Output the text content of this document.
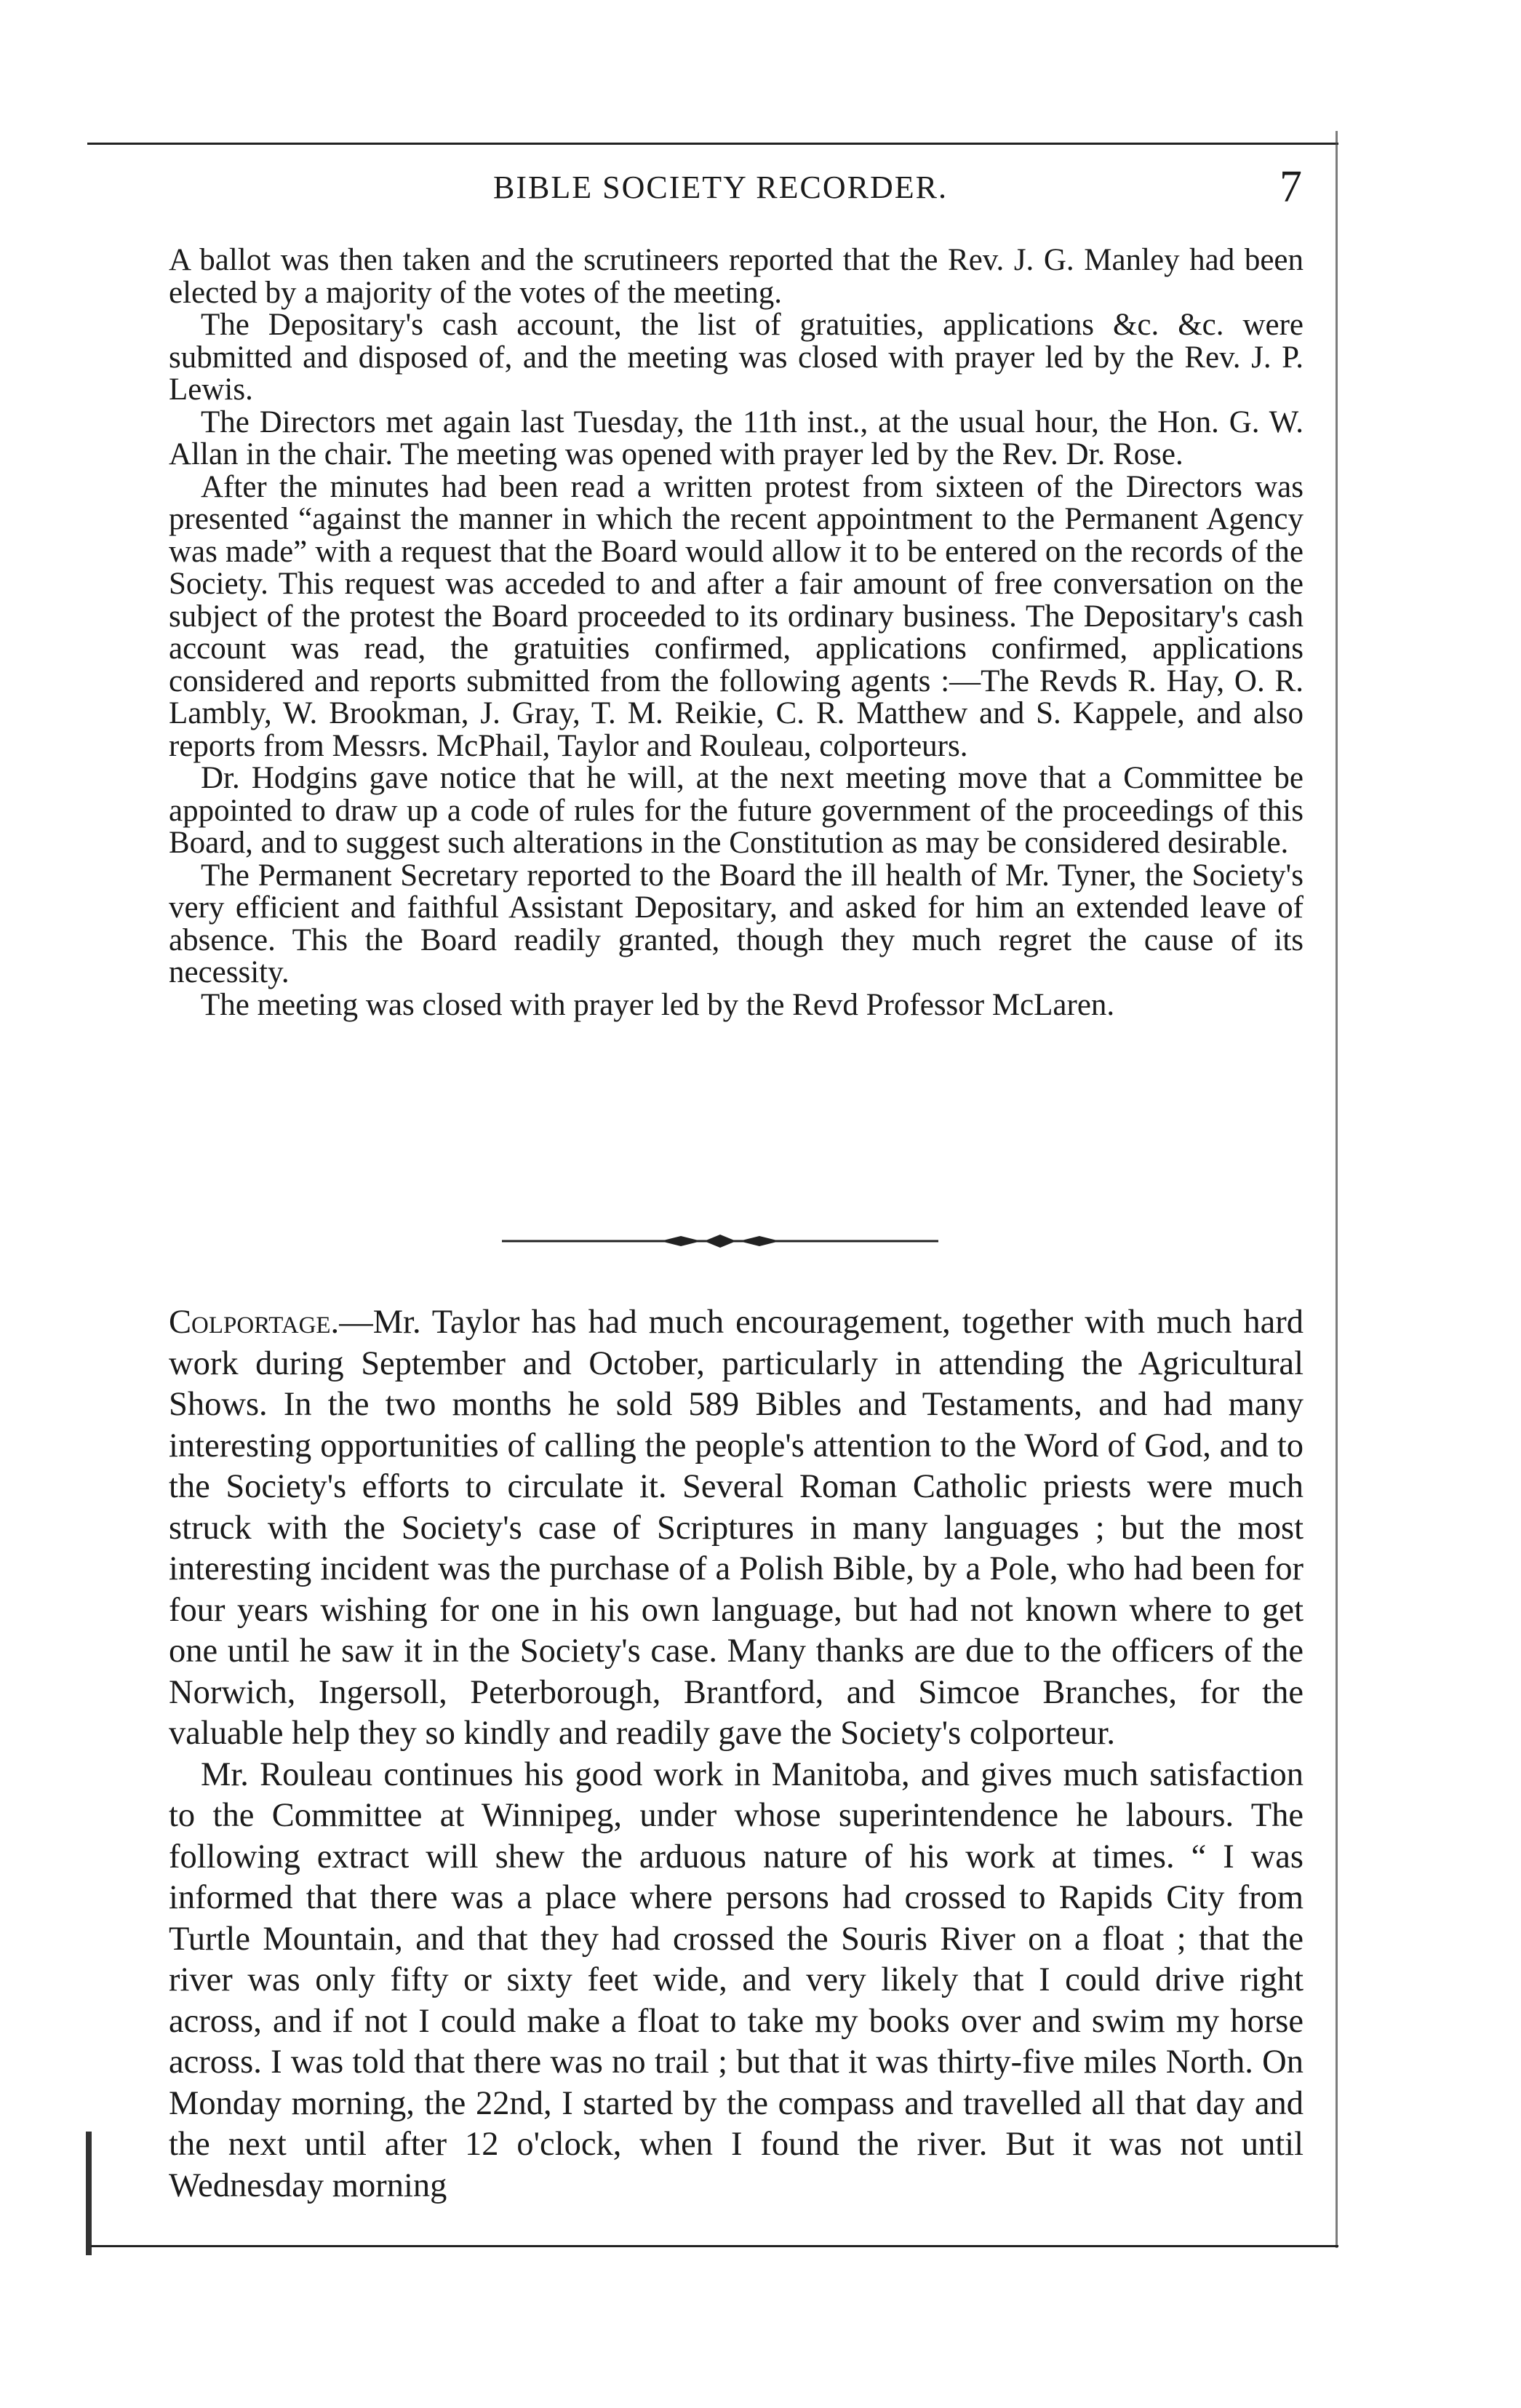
BIBLE SOCIETY RECORDER.	7

A ballot was then taken and the scrutineers reported that the Rev. J. G. Manley had been elected by a majority of the votes of the meeting.

The Depositary's cash account, the list of gratuities, applications &c. &c. were submitted and disposed of, and the meeting was closed with prayer led by the Rev. J. P. Lewis.

The Directors met again last Tuesday, the 11th inst., at the usual hour, the Hon. G. W. Allan in the chair. The meeting was opened with prayer led by the Rev. Dr. Rose.

After the minutes had been read a written protest from sixteen of the Directors was presented “against the manner in which the recent appointment to the Permanent Agency was made” with a request that the Board would allow it to be entered on the records of the Society. This request was acceded to and after a fair amount of free conversation on the subject of the protest the Board proceeded to its ordinary business. The Depositary's cash account was read, the gratuities confirmed, applications confirmed, applications considered and reports submitted from the following agents :—The Revds R. Hay, O. R. Lambly, W. Brookman, J. Gray, T. M. Reikie, C. R. Matthew and S. Kappele, and also reports from Messrs. McPhail, Taylor and Rouleau, colporteurs.

Dr. Hodgins gave notice that he will, at the next meeting move that a Committee be appointed to draw up a code of rules for the future government of the proceedings of this Board, and to suggest such alterations in the Constitution as may be considered desirable.

The Permanent Secretary reported to the Board the ill health of Mr. Tyner, the Society's very efficient and faithful Assistant Depositary, and asked for him an extended leave of absence. This the Board readily granted, though they much regret the cause of its necessity.

The meeting was closed with prayer led by the Revd Professor McLaren.

Colportage.—Mr. Taylor has had much encouragement, together with much hard work during September and October, particularly in attending the Agricultural Shows. In the two months he sold 589 Bibles and Testaments, and had many interesting opportunities of calling the people's attention to the Word of God, and to the Society's efforts to circulate it. Several Roman Catholic priests were much struck with the Society's case of Scriptures in many languages ; but the most interesting incident was the purchase of a Polish Bible, by a Pole, who had been for four years wishing for one in his own language, but had not known where to get one until he saw it in the Society's case. Many thanks are due to the officers of the Norwich, Ingersoll, Peterborough, Brantford, and Simcoe Branches, for the valuable help they so kindly and readily gave the Society's colporteur.

Mr. Rouleau continues his good work in Manitoba, and gives much satisfaction to the Committee at Winnipeg, under whose superintendence he labours. The following extract will shew the arduous nature of his work at times. “ I was informed that there was a place where persons had crossed to Rapids City from Turtle Mountain, and that they had crossed the Souris River on a float ; that the river was only fifty or sixty feet wide, and very likely that I could drive right across, and if not I could make a float to take my books over and swim my horse across. I was told that there was no trail ; but that it was thirty-five miles North. On Monday morning, the 22nd, I started by the compass and travelled all that day and the next until after 12 o'clock, when I found the river. But it was not until Wednesday morning
